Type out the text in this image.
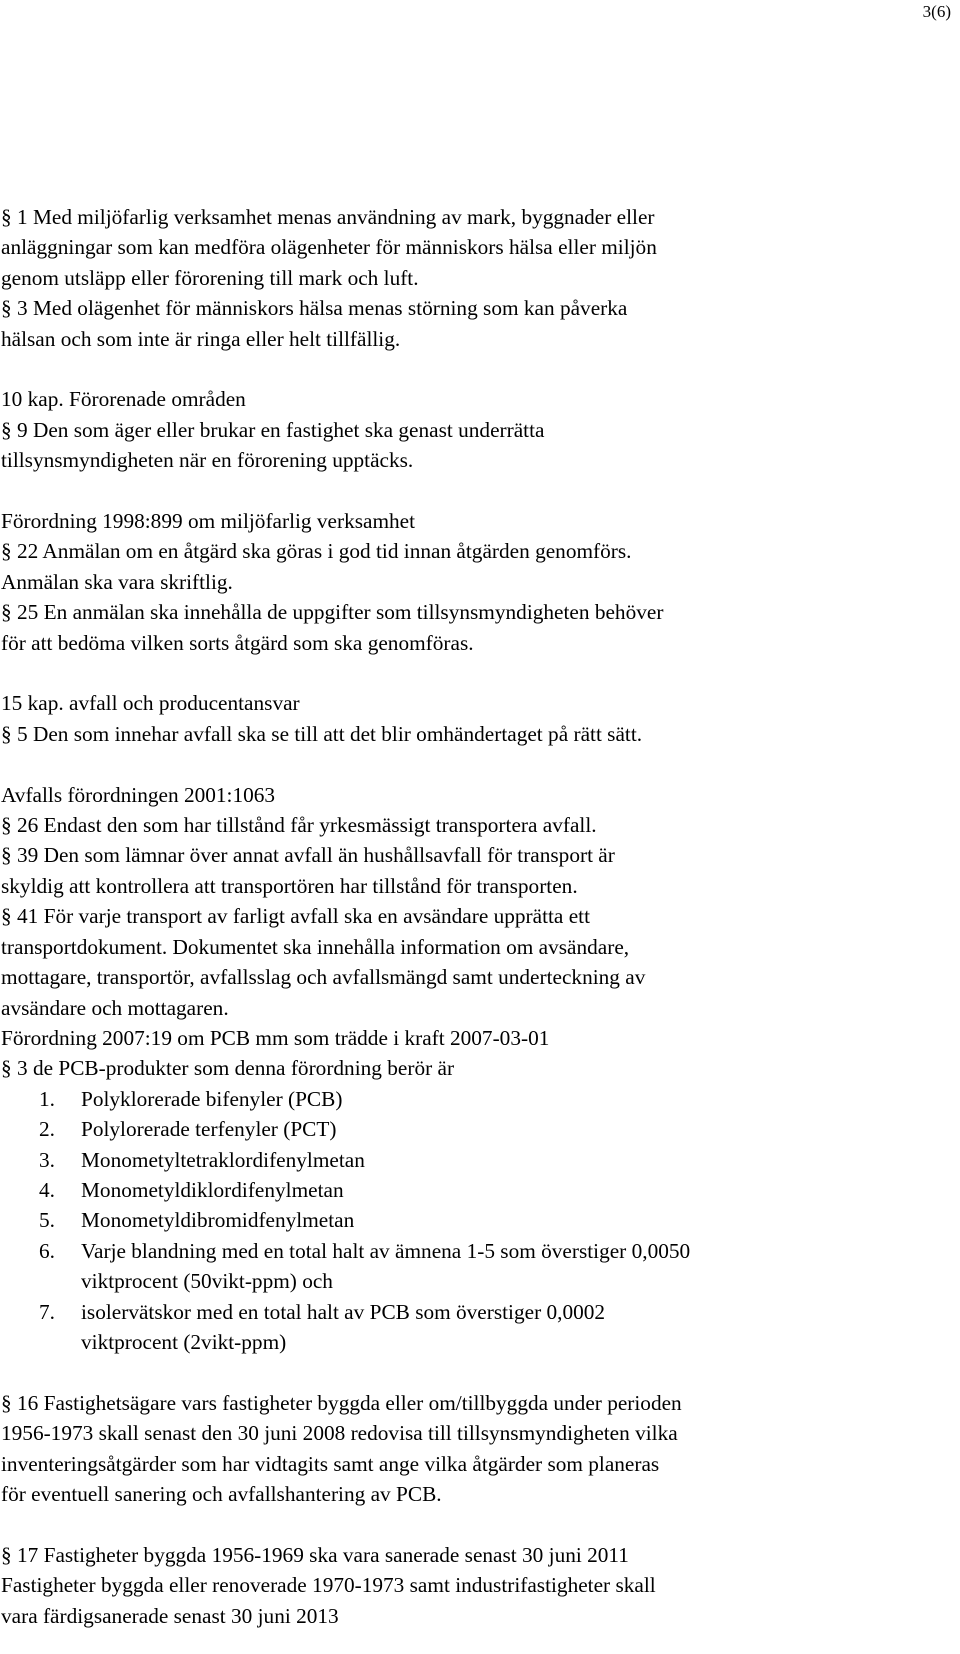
3(6)
§ 1 Med miljöfarlig verksamhet menas användning av mark, byggnader eller
anläggningar som kan medföra olägenheter för människors hälsa eller miljön
genom utsläpp eller förorening till mark och luft.
§ 3 Med olägenhet för människors hälsa menas störning som kan påverka
hälsan och som inte är ringa eller helt tillfällig.
10 kap. Förorenade områden
§ 9 Den som äger eller brukar en fastighet ska genast underrätta
tillsynsmyndigheten när en förorening upptäcks.
Förordning 1998:899 om miljöfarlig verksamhet
§ 22 Anmälan om en åtgärd ska göras i god tid innan åtgärden genomförs.
Anmälan ska vara skriftlig.
§ 25 En anmälan ska innehålla de uppgifter som tillsynsmyndigheten behöver
för att bedöma vilken sorts åtgärd som ska genomföras.
15 kap. avfall och producentansvar
§ 5 Den som innehar avfall ska se till att det blir omhändertaget på rätt sätt.
Avfalls förordningen 2001:1063
§ 26 Endast den som har tillstånd får yrkesmässigt transportera avfall.
§ 39 Den som lämnar över annat avfall än hushållsavfall för transport är
skyldig att kontrollera att transportören har tillstånd för transporten.
§ 41 För varje transport av farligt avfall ska en avsändare upprätta ett
transportdokument. Dokumentet ska innehålla information om avsändare,
mottagare, transportör, avfallsslag och avfallsmängd samt underteckning av
avsändare och mottagaren.
Förordning 2007:19 om PCB mm som trädde i kraft 2007-03-01
§ 3 de PCB-produkter som denna förordning berör är
1. Polyklorerade bifenyler (PCB)
2. Polylorerade terfenyler (PCT)
3. Monometyltetraklordifenylmetan
4. Monometyldiklordifenylmetan
5. Monometyldibromidfenylmetan
6. Varje blandning med en total halt av ämnena 1-5 som överstiger 0,0050
viktprocent (50vikt-ppm) och
7. isolervätskor med en total halt av PCB som överstiger 0,0002
viktprocent (2vikt-ppm)
§ 16 Fastighetsägare vars fastigheter byggda eller om/tillbyggda under perioden
1956-1973 skall senast den 30 juni 2008 redovisa till tillsynsmyndigheten vilka
inventeringsåtgärder som har vidtagits samt ange vilka åtgärder som planeras
för eventuell sanering och avfallshantering av PCB.
§ 17 Fastigheter byggda 1956-1969 ska vara sanerade senast 30 juni 2011
Fastigheter byggda eller renoverade 1970-1973 samt industrifastigheter skall
vara färdigsanerade senast 30 juni 2013
